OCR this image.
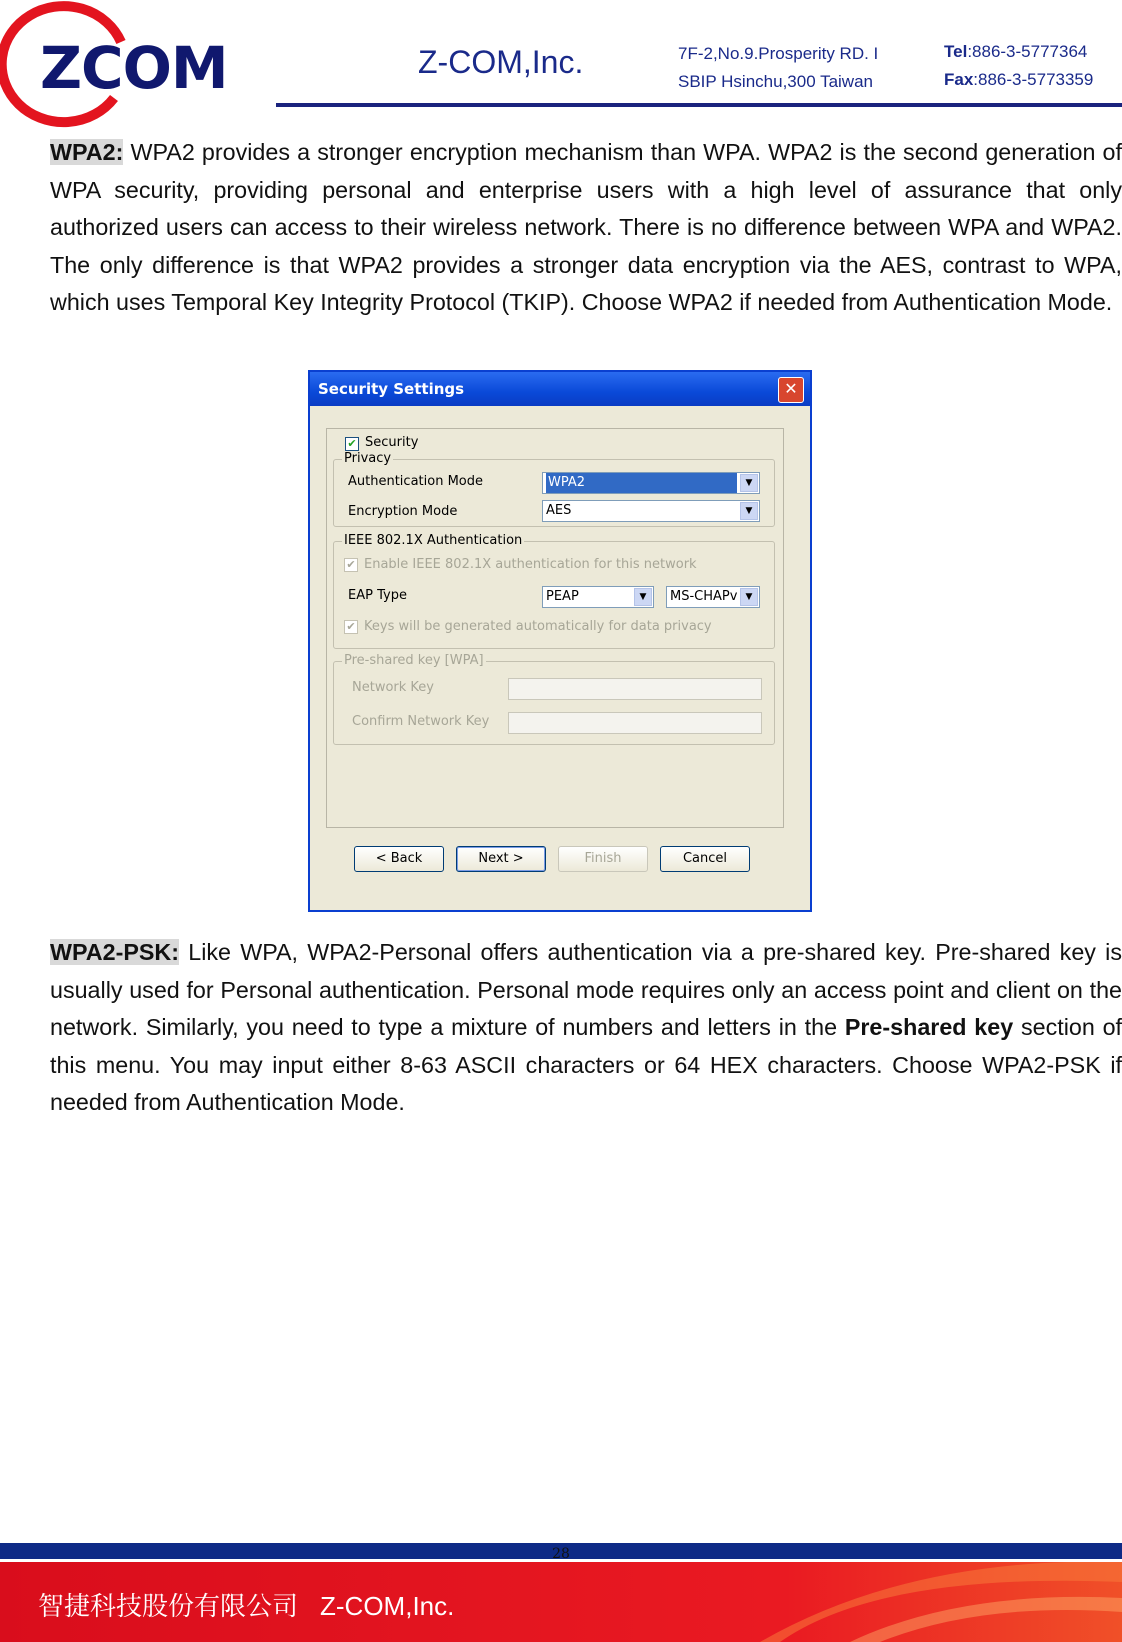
ZCOM	Z-COM,Inc.	7F-2,No.9.Prosperity RD. I
SBIP Hsinchu,300 Taiwan
Tel:886-3-5777364
Fax:886-3-5773359
WPA2: WPA2 provides a stronger encryption mechanism than WPA. WPA2 is the second generation of WPA security, providing personal and enterprise users with a high level of assurance that only authorized users can access to their wireless network. There is no difference between WPA and WPA2. The only difference is that WPA2 provides a stronger data encryption via the AES, contrast to WPA, which uses Temporal Key Integrity Protocol (TKIP). Choose WPA2 if needed from Authentication Mode.
Security Settings	✕
✔ Security
Privacy
Authentication Mode	WPA2	▼
Encryption Mode	AES	▼
IEEE 802.1X Authentication
✔ Enable IEEE 802.1X authentication for this network
EAP Type	PEAP	▼	MS-CHAPv ▼
✔ Keys will be generated automatically for data privacy
Pre-shared key [WPA]
Network Key
Confirm Network Key
< Back	Next >	Finish	Cancel
WPA2-PSK: Like WPA, WPA2-Personal offers authentication via a pre-shared key. Pre-shared key is usually used for Personal authentication. Personal mode requires only an access point and client on the network. Similarly, you need to type a mixture of numbers and letters in the Pre-shared key section of this menu. You may input either 8-63 ASCII characters or 64 HEX characters. Choose WPA2-PSK if needed from Authentication Mode.
28
智捷科技股份有限公司 Z-COM,Inc.
